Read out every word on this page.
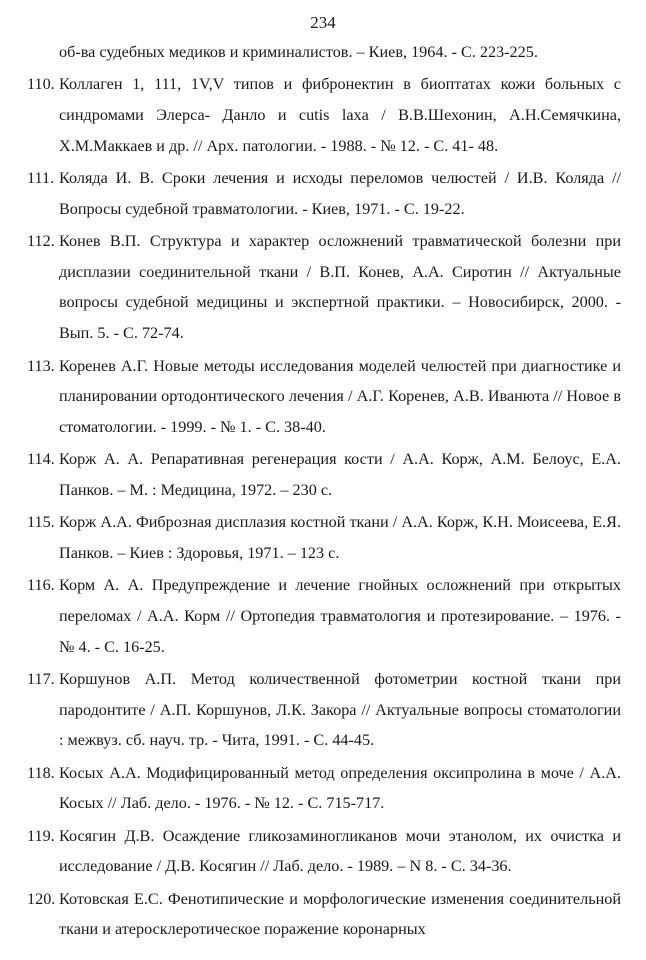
234
об-ва судебных медиков и криминалистов. – Киев, 1964. - С. 223-225.
110. Коллаген 1, 111, 1V,V типов и фибронектин в биоптатах кожи больных с синдромами Элерса- Данло и cutis laxa / В.В.Шехонин, А.Н.Семячкина, Х.М.Маккаев и др. // Арх. патологии. - 1988. - № 12. - С. 41- 48.
111. Коляда И. В. Сроки лечения и исходы переломов челюстей / И.В. Коляда // Вопросы судебной травматологии. - Киев, 1971. - С. 19-22.
112. Конев В.П. Структура и характер осложнений травматической болезни при дисплазии соединительной ткани / В.П. Конев, А.А. Сиротин // Актуальные вопросы судебной медицины и экспертной практики. – Новосибирск, 2000. - Вып. 5. - С. 72-74.
113. Коренев А.Г. Новые методы исследования моделей челюстей при диагностике и планировании ортодонтического лечения / А.Г. Коренев, А.В. Иванюта // Новое в стоматологии. - 1999. - № 1. - С. 38-40.
114. Корж А. А. Репаративная регенерация кости / А.А. Корж, А.М. Белоус, Е.А. Панков. – М. : Медицина, 1972. – 230 с.
115. Корж А.А. Фиброзная дисплазия костной ткани / А.А. Корж, К.Н. Моисеева, Е.Я. Панков. – Киев : Здоровья, 1971. – 123 с.
116. Корм А. А. Предупреждение и лечение гнойных осложнений при открытых переломах / А.А. Корм // Ортопедия травматология и протезирование. – 1976. - № 4. - С. 16-25.
117. Коршунов А.П. Метод количественной фотометрии костной ткани при пародонтите / А.П. Коршунов, Л.К. Закора // Актуальные вопросы стоматологии : межвуз. сб. науч. тр. - Чита, 1991. - С. 44-45.
118. Косых А.А. Модифицированный метод определения оксипролина в моче / А.А. Косых // Лаб. дело. - 1976. - № 12. - С. 715-717.
119. Косягин Д.В. Осаждение гликозаминогликанов мочи этанолом, их очистка и исследование / Д.В. Косягин // Лаб. дело. - 1989. – N 8. - С. 34-36.
120. Котовская Е.С. Фенотипические и морфологические изменения соединительной ткани и атеросклеротическое поражение коронарных
